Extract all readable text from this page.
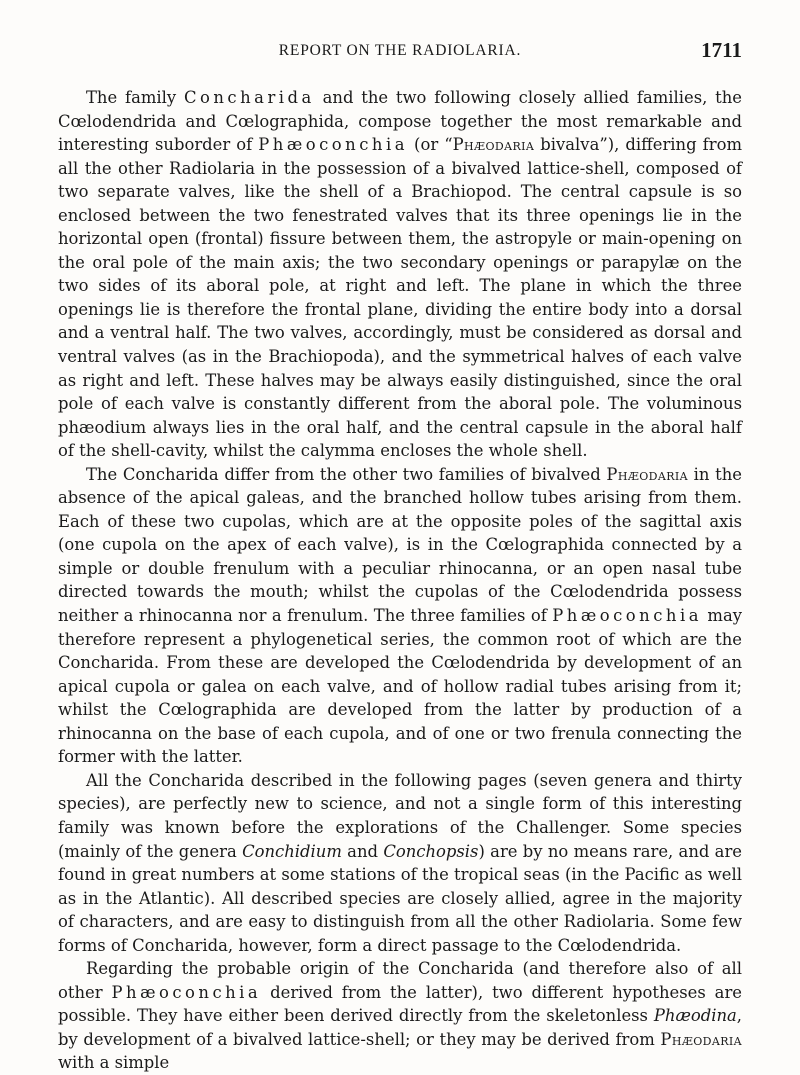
REPORT ON THE RADIOLARIA.	1711

The family Concharida and the two following closely allied families, the Cœlodendrida and Cœlographida, compose together the most remarkable and interesting suborder of Phæoconchia (or “Phæodaria bivalva”), differing from all the other Radiolaria in the possession of a bivalved lattice-shell, composed of two separate valves, like the shell of a Brachiopod. The central capsule is so enclosed between the two fenestrated valves that its three openings lie in the horizontal open (frontal) fissure between them, the astropyle or main-opening on the oral pole of the main axis; the two secondary openings or parapylæ on the two sides of its aboral pole, at right and left. The plane in which the three openings lie is therefore the frontal plane, dividing the entire body into a dorsal and a ventral half. The two valves, accordingly, must be considered as dorsal and ventral valves (as in the Brachiopoda), and the symmetrical halves of each valve as right and left. These halves may be always easily distinguished, since the oral pole of each valve is constantly different from the aboral pole. The voluminous phæodium always lies in the oral half, and the central capsule in the aboral half of the shell-cavity, whilst the calymma encloses the whole shell.

The Concharida differ from the other two families of bivalved Phæodaria in the absence of the apical galeas, and the branched hollow tubes arising from them. Each of these two cupolas, which are at the opposite poles of the sagittal axis (one cupola on the apex of each valve), is in the Cœlographida connected by a simple or double frenulum with a peculiar rhinocanna, or an open nasal tube directed towards the mouth; whilst the cupolas of the Cœlodendrida possess neither a rhinocanna nor a frenulum. The three families of Phæoconchia may therefore represent a phylogenetical series, the common root of which are the Concharida. From these are developed the Cœlodendrida by development of an apical cupola or galea on each valve, and of hollow radial tubes arising from it; whilst the Cœlographida are developed from the latter by production of a rhinocanna on the base of each cupola, and of one or two frenula connecting the former with the latter.

All the Concharida described in the following pages (seven genera and thirty species), are perfectly new to science, and not a single form of this interesting family was known before the explorations of the Challenger. Some species (mainly of the genera Conchidium and Conchopsis) are by no means rare, and are found in great numbers at some stations of the tropical seas (in the Pacific as well as in the Atlantic). All described species are closely allied, agree in the majority of characters, and are easy to distinguish from all the other Radiolaria. Some few forms of Concharida, however, form a direct passage to the Cœlodendrida.

Regarding the probable origin of the Concharida (and therefore also of all other Phæoconchia derived from the latter), two different hypotheses are possible. They have either been derived directly from the skeletonless Phæodina, by development of a bivalved lattice-shell; or they may be derived from Phæodaria with a simple
